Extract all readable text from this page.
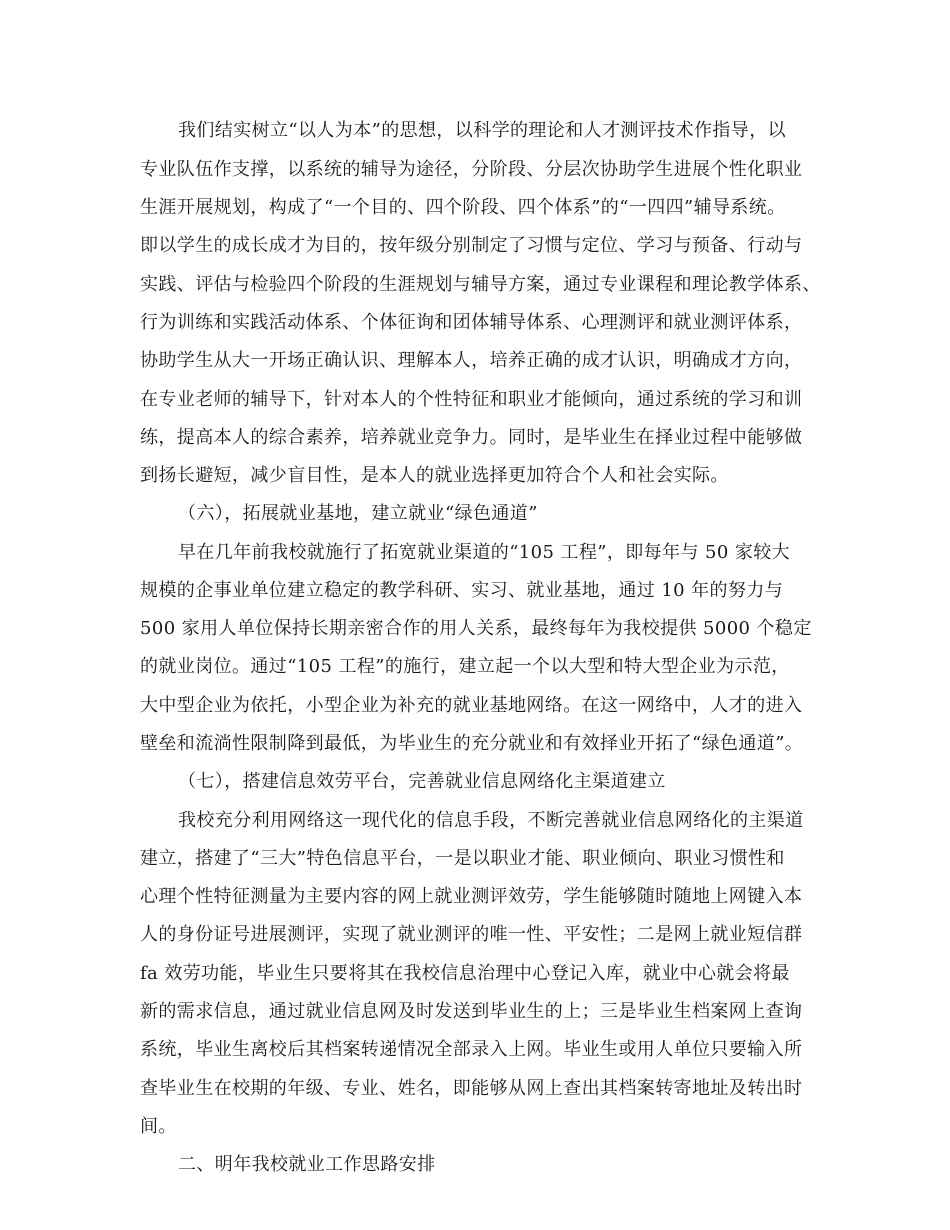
我们结实树立“以人为本”的思想，以科学的理论和人才测评技术作指导，以
专业队伍作支撑，以系统的辅导为途径，分阶段、分层次协助学生进展个性化职业
生涯开展规划，构成了“一个目的、四个阶段、四个体系”的“一四四”辅导系统。
即以学生的成长成才为目的，按年级分别制定了习惯与定位、学习与预备、行动与
实践、评估与检验四个阶段的生涯规划与辅导方案，通过专业课程和理论教学体系、
行为训练和实践活动体系、个体征询和团体辅导体系、心理测评和就业测评体系，
协助学生从大一开场正确认识、理解本人，培养正确的成才认识，明确成才方向，
在专业老师的辅导下，针对本人的个性特征和职业才能倾向，通过系统的学习和训
练，提高本人的综合素养，培养就业竞争力。同时，是毕业生在择业过程中能够做
到扬长避短，减少盲目性，是本人的就业选择更加符合个人和社会实际。
（六），拓展就业基地，建立就业“绿色通道”
早在几年前我校就施行了拓宽就业渠道的“105 工程”，即每年与 50 家较大
规模的企事业单位建立稳定的教学科研、实习、就业基地，通过 10 年的努力与
500 家用人单位保持长期亲密合作的用人关系，最终每年为我校提供 5000 个稳定
的就业岗位。通过“105 工程”的施行，建立起一个以大型和特大型企业为示范，
大中型企业为依托，小型企业为补充的就业基地网络。在这一网络中，人才的进入
壁垒和流淌性限制降到最低，为毕业生的充分就业和有效择业开拓了“绿色通道”。
（七），搭建信息效劳平台，完善就业信息网络化主渠道建立
我校充分利用网络这一现代化的信息手段，不断完善就业信息网络化的主渠道
建立，搭建了“三大”特色信息平台，一是以职业才能、职业倾向、职业习惯性和
心理个性特征测量为主要内容的网上就业测评效劳，学生能够随时随地上网键入本
人的身份证号进展测评，实现了就业测评的唯一性、平安性；二是网上就业短信群
fa 效劳功能，毕业生只要将其在我校信息治理中心登记入库，就业中心就会将最
新的需求信息，通过就业信息网及时发送到毕业生的上；三是毕业生档案网上查询
系统，毕业生离校后其档案转递情况全部录入上网。毕业生或用人单位只要输入所
查毕业生在校期的年级、专业、姓名，即能够从网上查出其档案转寄地址及转出时
间。
二、明年我校就业工作思路安排
